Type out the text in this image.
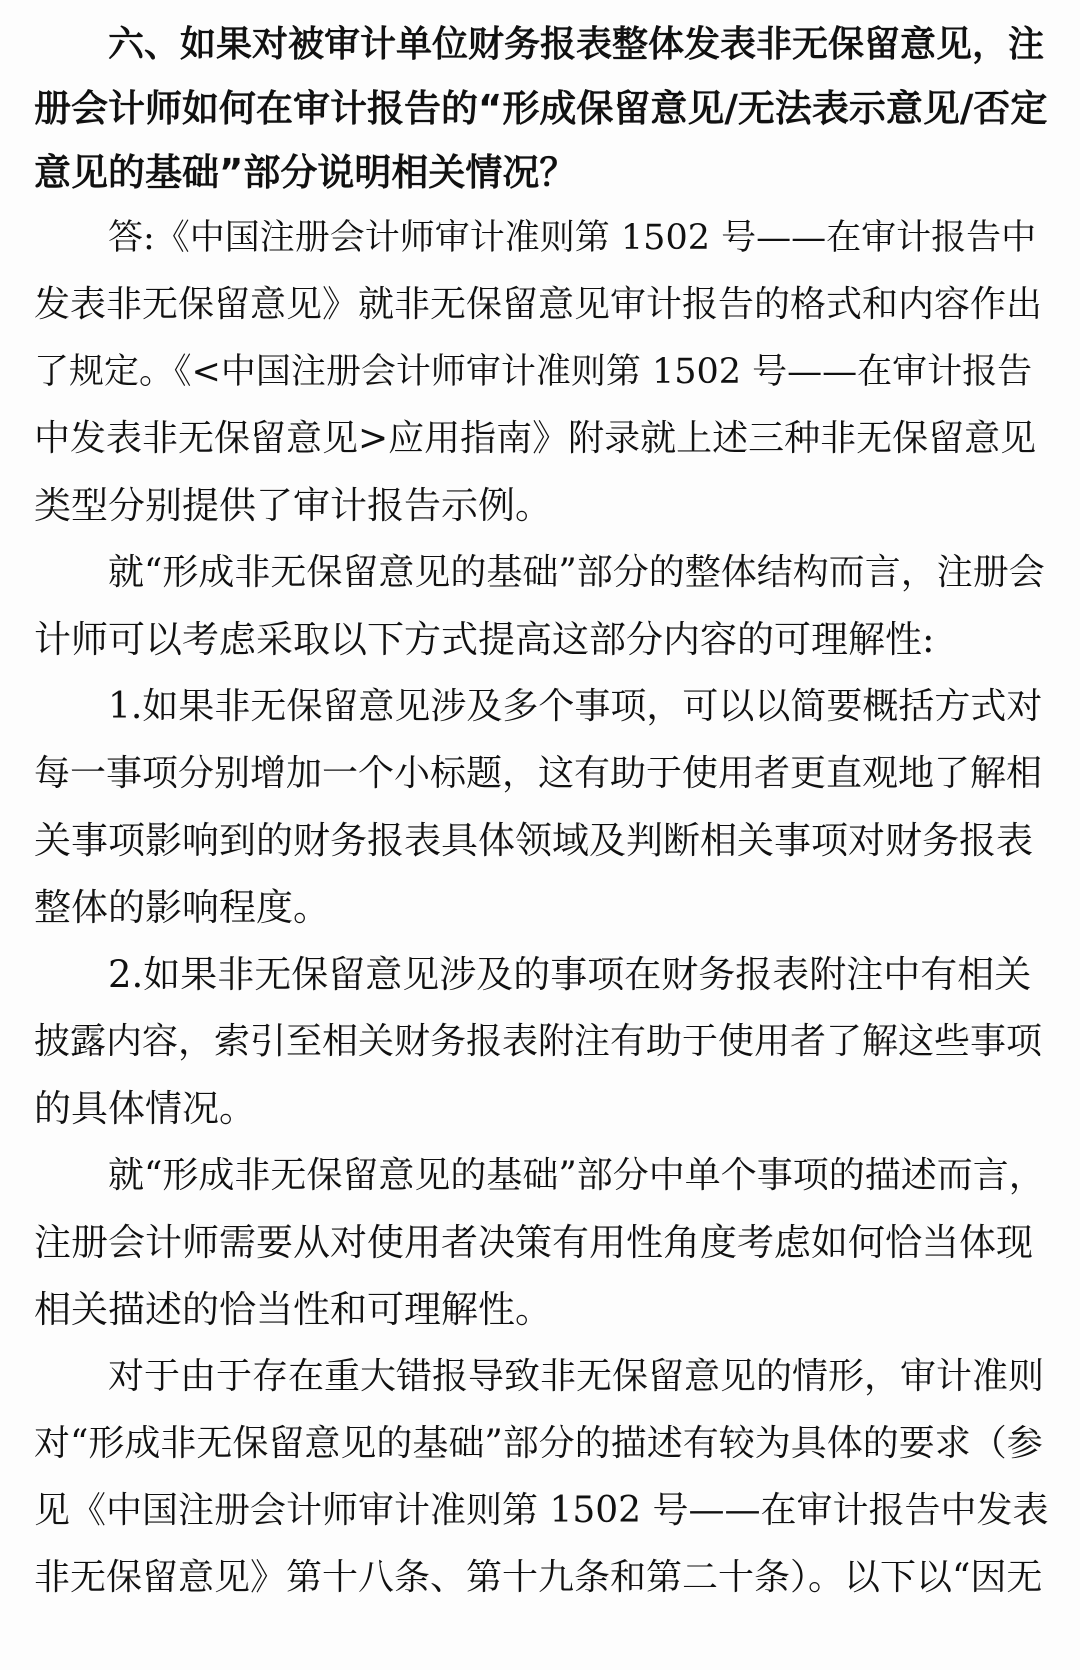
六、如果对被审计单位财务报表整体发表非无保留意见，注
册会计师如何在审计报告的“形成保留意见/无法表示意见/否定
意见的基础”部分说明相关情况？
答:《中国注册会计师审计准则第 1502 号——在审计报告中
发表非无保留意见》就非无保留意见审计报告的格式和内容作出
了规定。《<中国注册会计师审计准则第 1502 号——在审计报告
中发表非无保留意见>应用指南》附录就上述三种非无保留意见
类型分别提供了审计报告示例。
就“形成非无保留意见的基础”部分的整体结构而言，注册会
计师可以考虑采取以下方式提高这部分内容的可理解性:
1.如果非无保留意见涉及多个事项，可以以简要概括方式对
每一事项分别增加一个小标题，这有助于使用者更直观地了解相
关事项影响到的财务报表具体领域及判断相关事项对财务报表
整体的影响程度。
2.如果非无保留意见涉及的事项在财务报表附注中有相关
披露内容，索引至相关财务报表附注有助于使用者了解这些事项
的具体情况。
就“形成非无保留意见的基础”部分中单个事项的描述而言，
注册会计师需要从对使用者决策有用性角度考虑如何恰当体现
相关描述的恰当性和可理解性。
对于由于存在重大错报导致非无保留意见的情形，审计准则
对“形成非无保留意见的基础”部分的描述有较为具体的要求（参
见《中国注册会计师审计准则第 1502 号——在审计报告中发表
非无保留意见》第十八条、第十九条和第二十条）。以下以“因无
